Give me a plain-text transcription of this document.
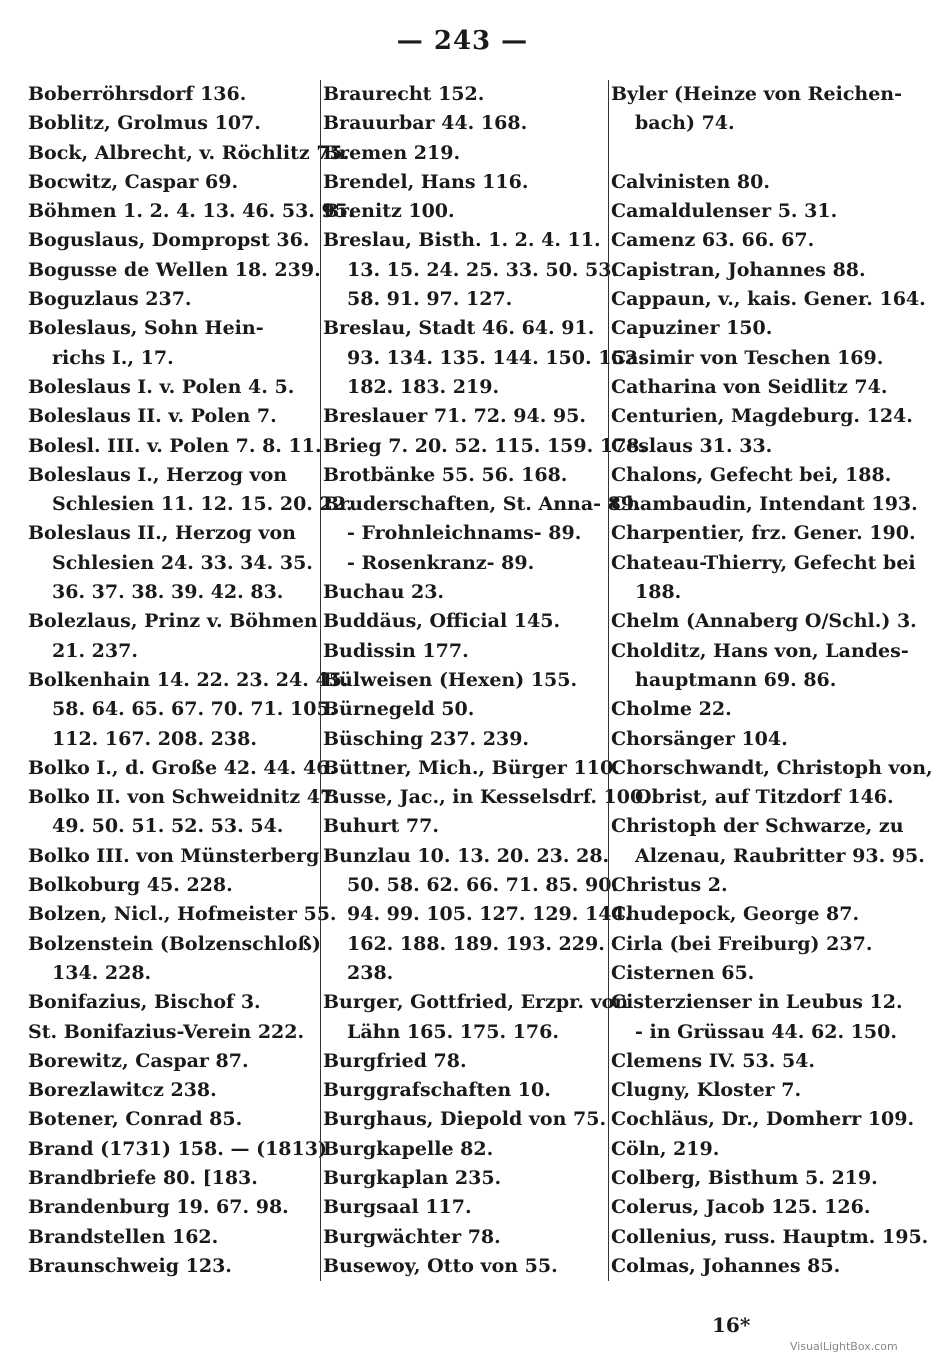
— 243 —
Boberröhrsdorf 136.
Boblitz, Grolmus 107.
Bock, Albrecht, v. Röchlitz 75.
Bocwitz, Caspar 69.
Böhmen 1. 2. 4. 13. 46. 53. 95.
Boguslaus, Dompropst 36.
Bogusse de Wellen 18. 239.
Boguzlaus 237.
Boleslaus, Sohn Hein-
richs I., 17.
Boleslaus I. v. Polen 4. 5.
Boleslaus II. v. Polen 7.
Bolesl. III. v. Polen 7. 8. 11.
Boleslaus I., Herzog von
Schlesien 11. 12. 15. 20. 22.
Boleslaus II., Herzog von
Schlesien 24. 33. 34. 35.
36. 37. 38. 39. 42. 83.
Bolezlaus, Prinz v. Böhmen
21. 237.
Bolkenhain 14. 22. 23. 24. 45.
58. 64. 65. 67. 70. 71. 105.
112. 167. 208. 238.
Bolko I., d. Große 42. 44. 46.
Bolko II. von Schweidnitz 47.
49. 50. 51. 52. 53. 54.
Bolko III. von Münsterberg
Bolkoburg 45. 228.
Bolzen, Nicl., Hofmeister 55.
Bolzenstein (Bolzenschloß)
134. 228.
Bonifazius, Bischof 3.
St. Bonifazius-Verein 222.
Borewitz, Caspar 87.
Borezlawitcz 238.
Botener, Conrad 85.
Brand (1731) 158. — (1813)
Brandbriefe 80. [183.
Brandenburg 19. 67. 98.
Brandstellen 162.
Braunschweig 123.
Braurecht 152.
Brauurbar 44. 168.
Bremen 219.
Brendel, Hans 116.
Brenitz 100.
Breslau, Bisth. 1. 2. 4. 11.
13. 15. 24. 25. 33. 50. 53.
58. 91. 97. 127.
Breslau, Stadt 46. 64. 91.
93. 134. 135. 144. 150. 153.
182. 183. 219.
Breslauer 71. 72. 94. 95.
Brieg 7. 20. 52. 115. 159. 178.
Brotbänke 55. 56. 168.
Bruderschaften, St. Anna- 89.
- Frohnleichnams- 89.
- Rosenkranz- 89.
Buchau 23.
Buddäus, Official 145.
Budissin 177.
Bülweisen (Hexen) 155.
Bürnegeld 50.
Büsching 237. 239.
Büttner, Mich., Bürger 110.
Busse, Jac., in Kesselsdrf. 100.
Buhurt 77.
Bunzlau 10. 13. 20. 23. 28.
50. 58. 62. 66. 71. 85. 90.
94. 99. 105. 127. 129. 144.
162. 188. 189. 193. 229.
238.
Burger, Gottfried, Erzpr. von
Lähn 165. 175. 176.
Burgfried 78.
Burggrafschaften 10.
Burghaus, Diepold von 75.
Burgkapelle 82.
Burgkaplan 235.
Burgsaal 117.
Burgwächter 78.
Busewoy, Otto von 55.
Byler (Heinze von Reichen-
bach) 74.
Calvinisten 80.
Camaldulenser 5. 31.
Camenz 63. 66. 67.
Capistran, Johannes 88.
Cappaun, v., kais. Gener. 164.
Capuziner 150.
Casimir von Teschen 169.
Catharina von Seidlitz 74.
Centurien, Magdeburg. 124.
Ceslaus 31. 33.
Chalons, Gefecht bei, 188.
Chambaudin, Intendant 193.
Charpentier, frz. Gener. 190.
Chateau-Thierry, Gefecht bei
188.
Chelm (Annaberg O/Schl.) 3.
Cholditz, Hans von, Landes-
hauptmann 69. 86.
Cholme 22.
Chorsänger 104.
Chorschwandt, Christoph von,
Obrist, auf Titzdorf 146.
Christoph der Schwarze, zu
Alzenau, Raubritter 93. 95.
Christus 2.
Chudepock, George 87.
Cirla (bei Freiburg) 237.
Cisternen 65.
Cisterzienser in Leubus 12.
- in Grüssau 44. 62. 150.
Clemens IV. 53. 54.
Clugny, Kloster 7.
Cochläus, Dr., Domherr 109.
Cöln, 219.
Colberg, Bisthum 5. 219.
Colerus, Jacob 125. 126.
Collenius, russ. Hauptm. 195.
Colmas, Johannes 85.
16*
VisualLightBox.com
